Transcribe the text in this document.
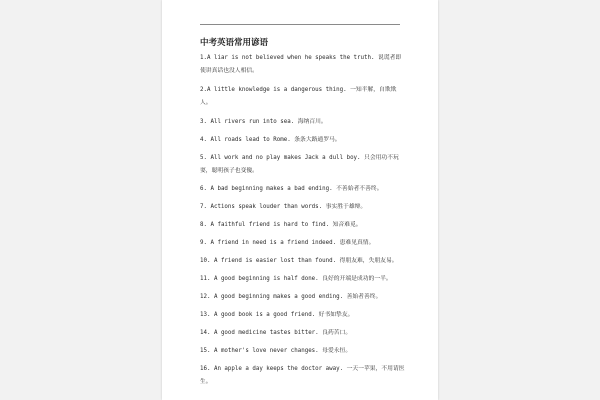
中考英语常用谚语
1.A liar is not believed when he speaks the truth. 说谎者即使讲真话也没人相信。
2.A little knowledge is a dangerous thing. 一知半解，自欺欺人。
3. All rivers run into sea. 海纳百川。
4. All roads lead to Rome. 条条大路通罗马。
5. All work and no play makes Jack a dull boy. 只会用功不玩耍，聪明孩子也变傻。
6. A bad beginning makes a bad ending. 不善始者不善终。
7. Actions speak louder than words. 事实胜于雄辩。
8. A faithful friend is hard to find. 知音难觅。
9. A friend in need is a friend indeed. 患难见真情。
10. A friend is easier lost than found. 得朋友难，失朋友易。
11. A good beginning is half done. 良好的开端是成功的一半。
12. A good beginning makes a good ending. 善始者善终。
13. A good book is a good friend. 好书如挚友。
14. A good medicine tastes bitter. 良药苦口。
15. A mother's love never changes. 母爱永恒。
16. An apple a day keeps the doctor away. 一天一苹果，不用请医生。
